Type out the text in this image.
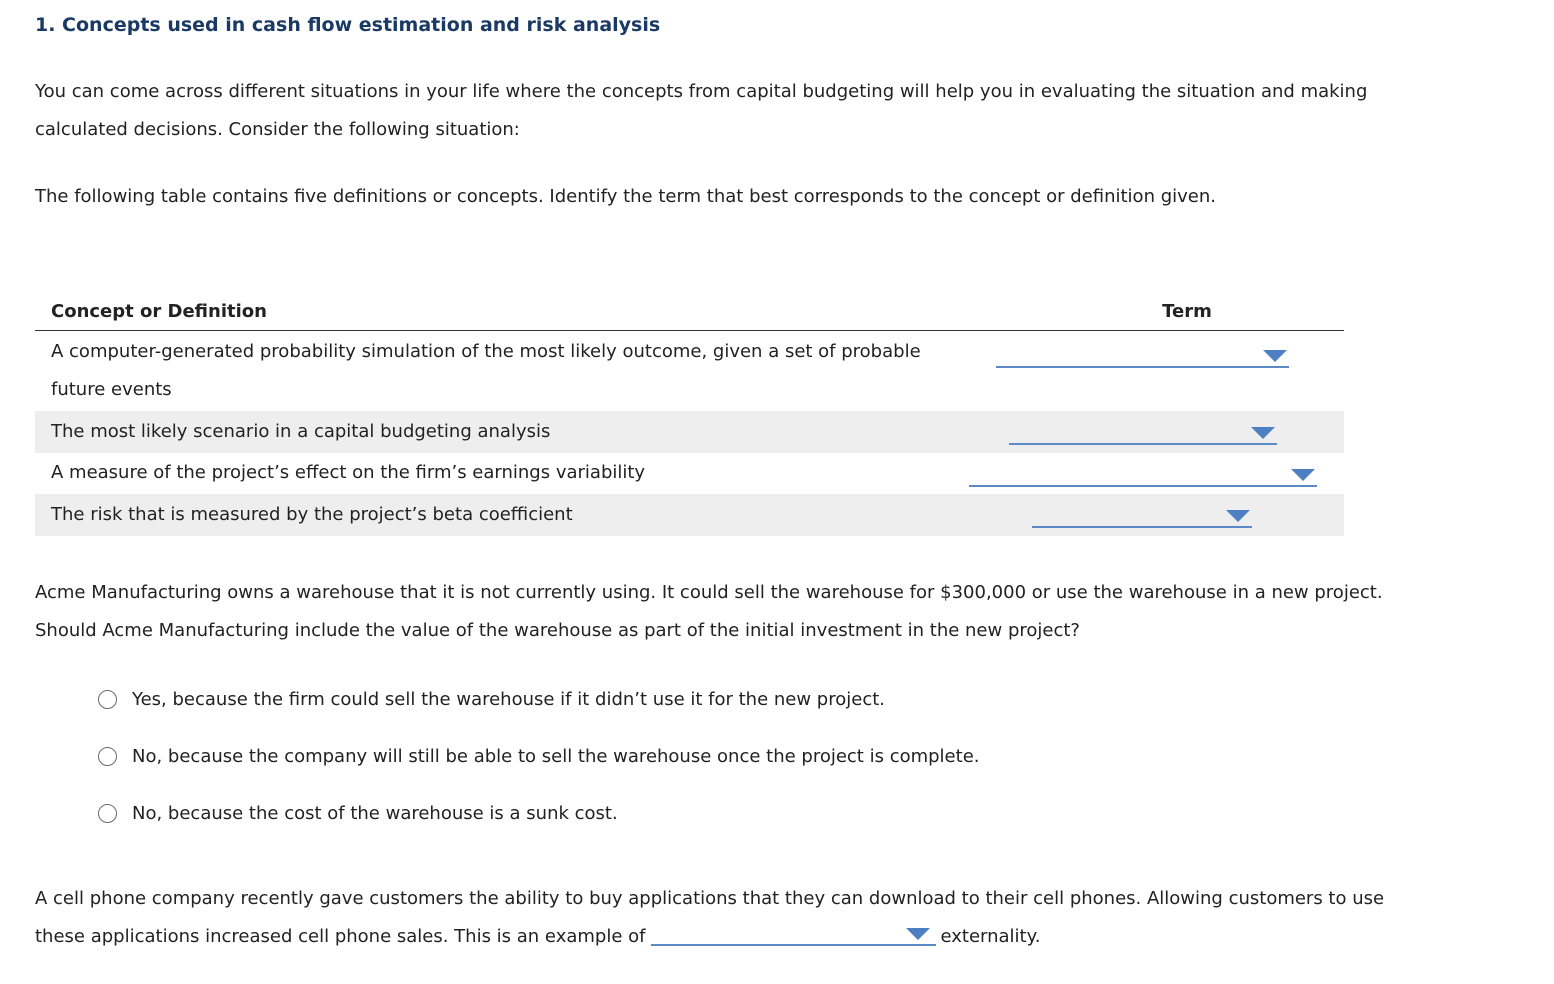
1. Concepts used in cash flow estimation and risk analysis

You can come across different situations in your life where the concepts from capital budgeting will help you in evaluating the situation and making
calculated decisions. Consider the following situation:

The following table contains five definitions or concepts. Identify the term that best corresponds to the concept or definition given.

Concept or Definition	Term
A computer-generated probability simulation of the most likely outcome, given a set of probable future events
The most likely scenario in a capital budgeting analysis
A measure of the project’s effect on the firm’s earnings variability
The risk that is measured by the project’s beta coefficient

Acme Manufacturing owns a warehouse that it is not currently using. It could sell the warehouse for $300,000 or use the warehouse in a new project.
Should Acme Manufacturing include the value of the warehouse as part of the initial investment in the new project?

Yes, because the firm could sell the warehouse if it didn’t use it for the new project.
No, because the company will still be able to sell the warehouse once the project is complete.
No, because the cost of the warehouse is a sunk cost.

A cell phone company recently gave customers the ability to buy applications that they can download to their cell phones. Allowing customers to use
these applications increased cell phone sales. This is an example of	externality.
